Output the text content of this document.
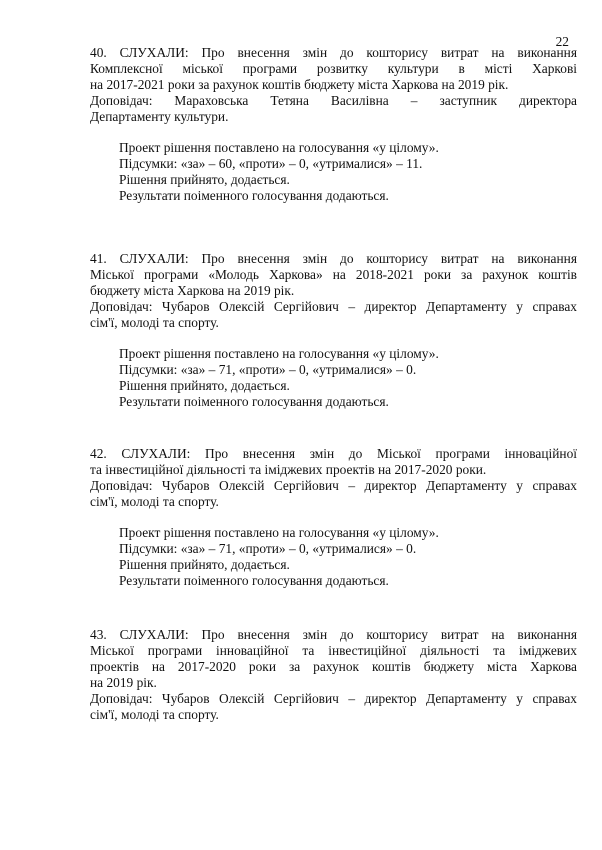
22
40. СЛУХАЛИ: Про внесення змін до кошторису витрат на виконання
Комплексної міської програми розвитку культури в місті Харкові
на 2017-2021 роки за рахунок коштів бюджету міста Харкова на 2019 рік.
Доповідач: Мараховська Тетяна Василівна – заступник директора
Департаменту культури.
Проект рішення поставлено на голосування «у цілому».
Підсумки: «за» – 60, «проти» – 0, «утрималися» – 11.
Рішення прийнято, додається.
Результати поіменного голосування додаються.
41. СЛУХАЛИ: Про внесення змін до кошторису витрат на виконання
Міської програми «Молодь Харкова» на 2018-2021 роки за рахунок коштів
бюджету міста Харкова на 2019 рік.
Доповідач: Чубаров Олексій Сергійович – директор Департаменту у справах
сім'ї, молоді та спорту.
Проект рішення поставлено на голосування «у цілому».
Підсумки: «за» – 71, «проти» – 0, «утрималися» – 0.
Рішення прийнято, додається.
Результати поіменного голосування додаються.
42. СЛУХАЛИ: Про внесення змін до Міської програми інноваційної
та інвестиційної діяльності та іміджевих проектів на 2017-2020 роки.
Доповідач: Чубаров Олексій Сергійович – директор Департаменту у справах
сім'ї, молоді та спорту.
Проект рішення поставлено на голосування «у цілому».
Підсумки: «за» – 71, «проти» – 0, «утрималися» – 0.
Рішення прийнято, додається.
Результати поіменного голосування додаються.
43. СЛУХАЛИ: Про внесення змін до кошторису витрат на виконання
Міської програми інноваційної та інвестиційної діяльності та іміджевих
проектів на 2017-2020 роки за рахунок коштів бюджету міста Харкова
на 2019 рік.
Доповідач: Чубаров Олексій Сергійович – директор Департаменту у справах
сім'ї, молоді та спорту.
